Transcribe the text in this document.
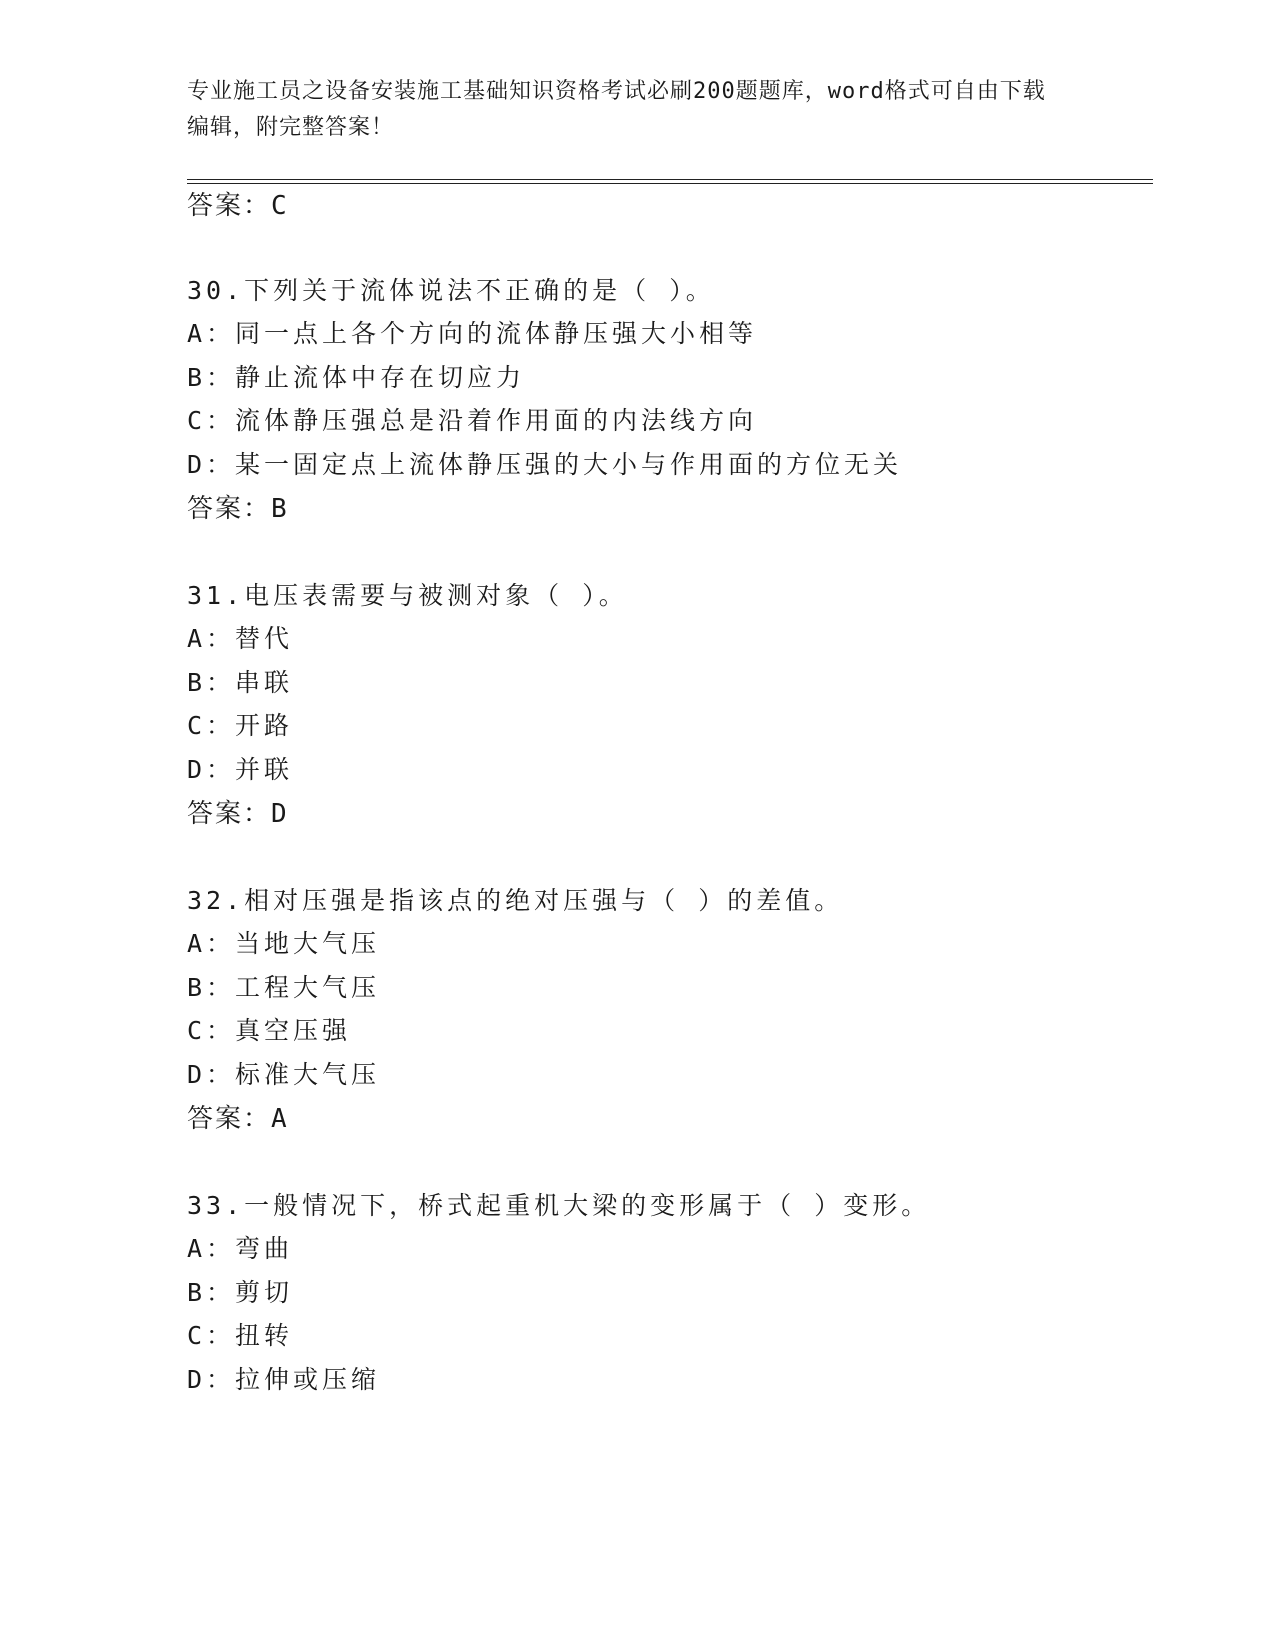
专业施工员之设备安装施工基础知识资格考试必刷200题题库，word格式可自由下载编辑，附完整答案！
答案：C
30.下列关于流体说法不正确的是（ ）。
A：同一点上各个方向的流体静压强大小相等
B：静止流体中存在切应力
C：流体静压强总是沿着作用面的内法线方向
D：某一固定点上流体静压强的大小与作用面的方位无关
答案：B
31.电压表需要与被测对象（ ）。
A：替代
B：串联
C：开路
D：并联
答案：D
32.相对压强是指该点的绝对压强与（ ）的差值。
A：当地大气压
B：工程大气压
C：真空压强
D：标准大气压
答案：A
33.一般情况下，桥式起重机大梁的变形属于（ ）变形。
A：弯曲
B：剪切
C：扭转
D：拉伸或压缩
